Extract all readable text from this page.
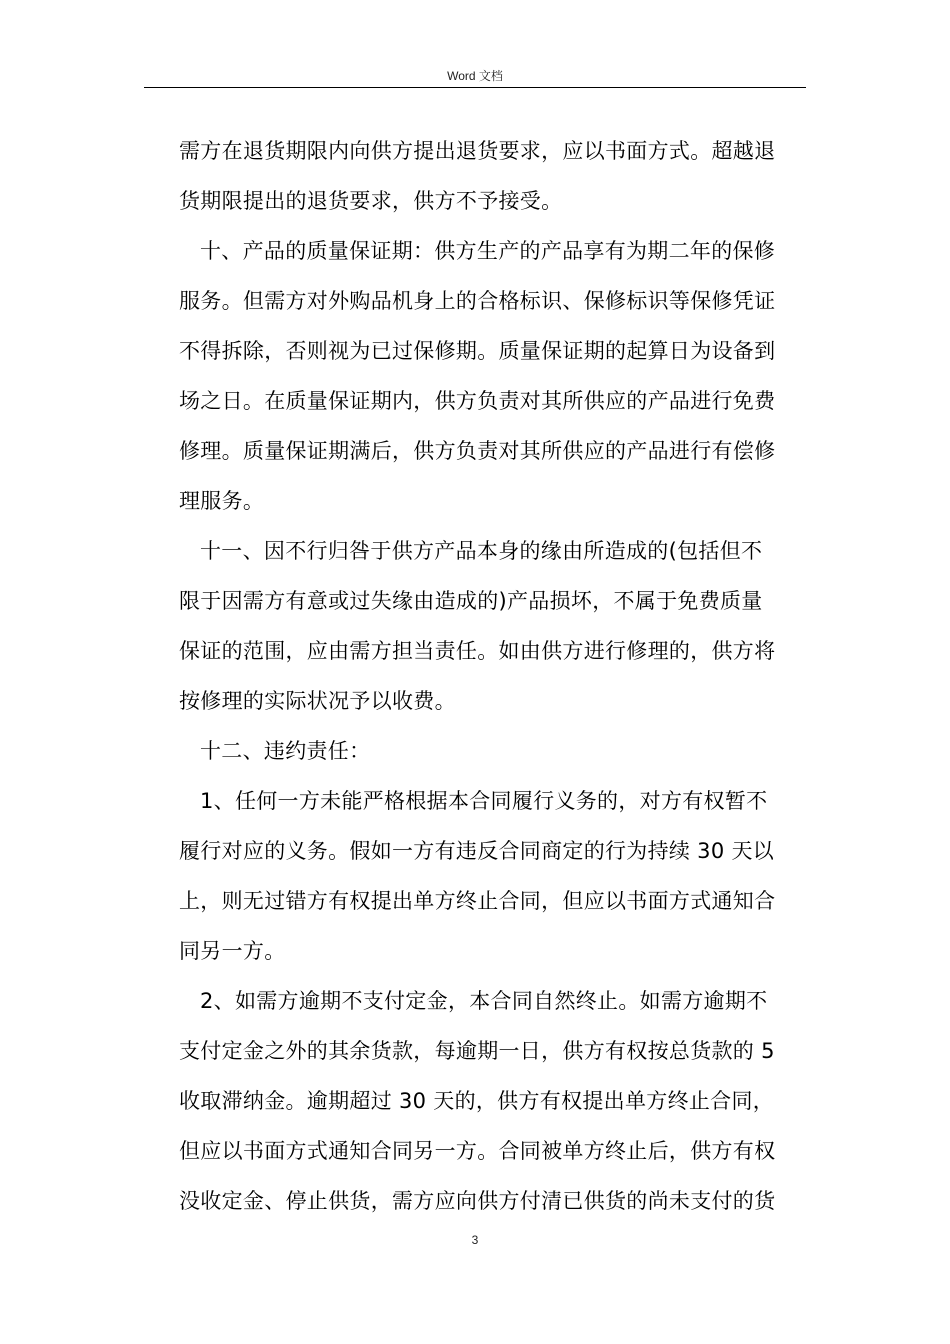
Word 文档

需方在退货期限内向供方提出退货要求，应以书面方式。超越退
货期限提出的退货要求，供方不予接受。

十、产品的质量保证期：供方生产的产品享有为期二年的保修
服务。但需方对外购品机身上的合格标识、保修标识等保修凭证
不得拆除，否则视为已过保修期。质量保证期的起算日为设备到
场之日。在质量保证期内，供方负责对其所供应的产品进行免费
修理。质量保证期满后，供方负责对其所供应的产品进行有偿修
理服务。

十一、因不行归咎于供方产品本身的缘由所造成的(包括但不
限于因需方有意或过失缘由造成的)产品损坏，不属于免费质量
保证的范围，应由需方担当责任。如由供方进行修理的，供方将
按修理的实际状况予以收费。

十二、违约责任：

1、任何一方未能严格根据本合同履行义务的，对方有权暂不
履行对应的义务。假如一方有违反合同商定的行为持续 30 天以
上，则无过错方有权提出单方终止合同，但应以书面方式通知合
同另一方。

2、如需方逾期不支付定金，本合同自然终止。如需方逾期不
支付定金之外的其余货款，每逾期一日，供方有权按总货款的 5
收取滞纳金。逾期超过 30 天的，供方有权提出单方终止合同，
但应以书面方式通知合同另一方。合同被单方终止后，供方有权
没收定金、停止供货，需方应向供方付清已供货的尚未支付的货

3
